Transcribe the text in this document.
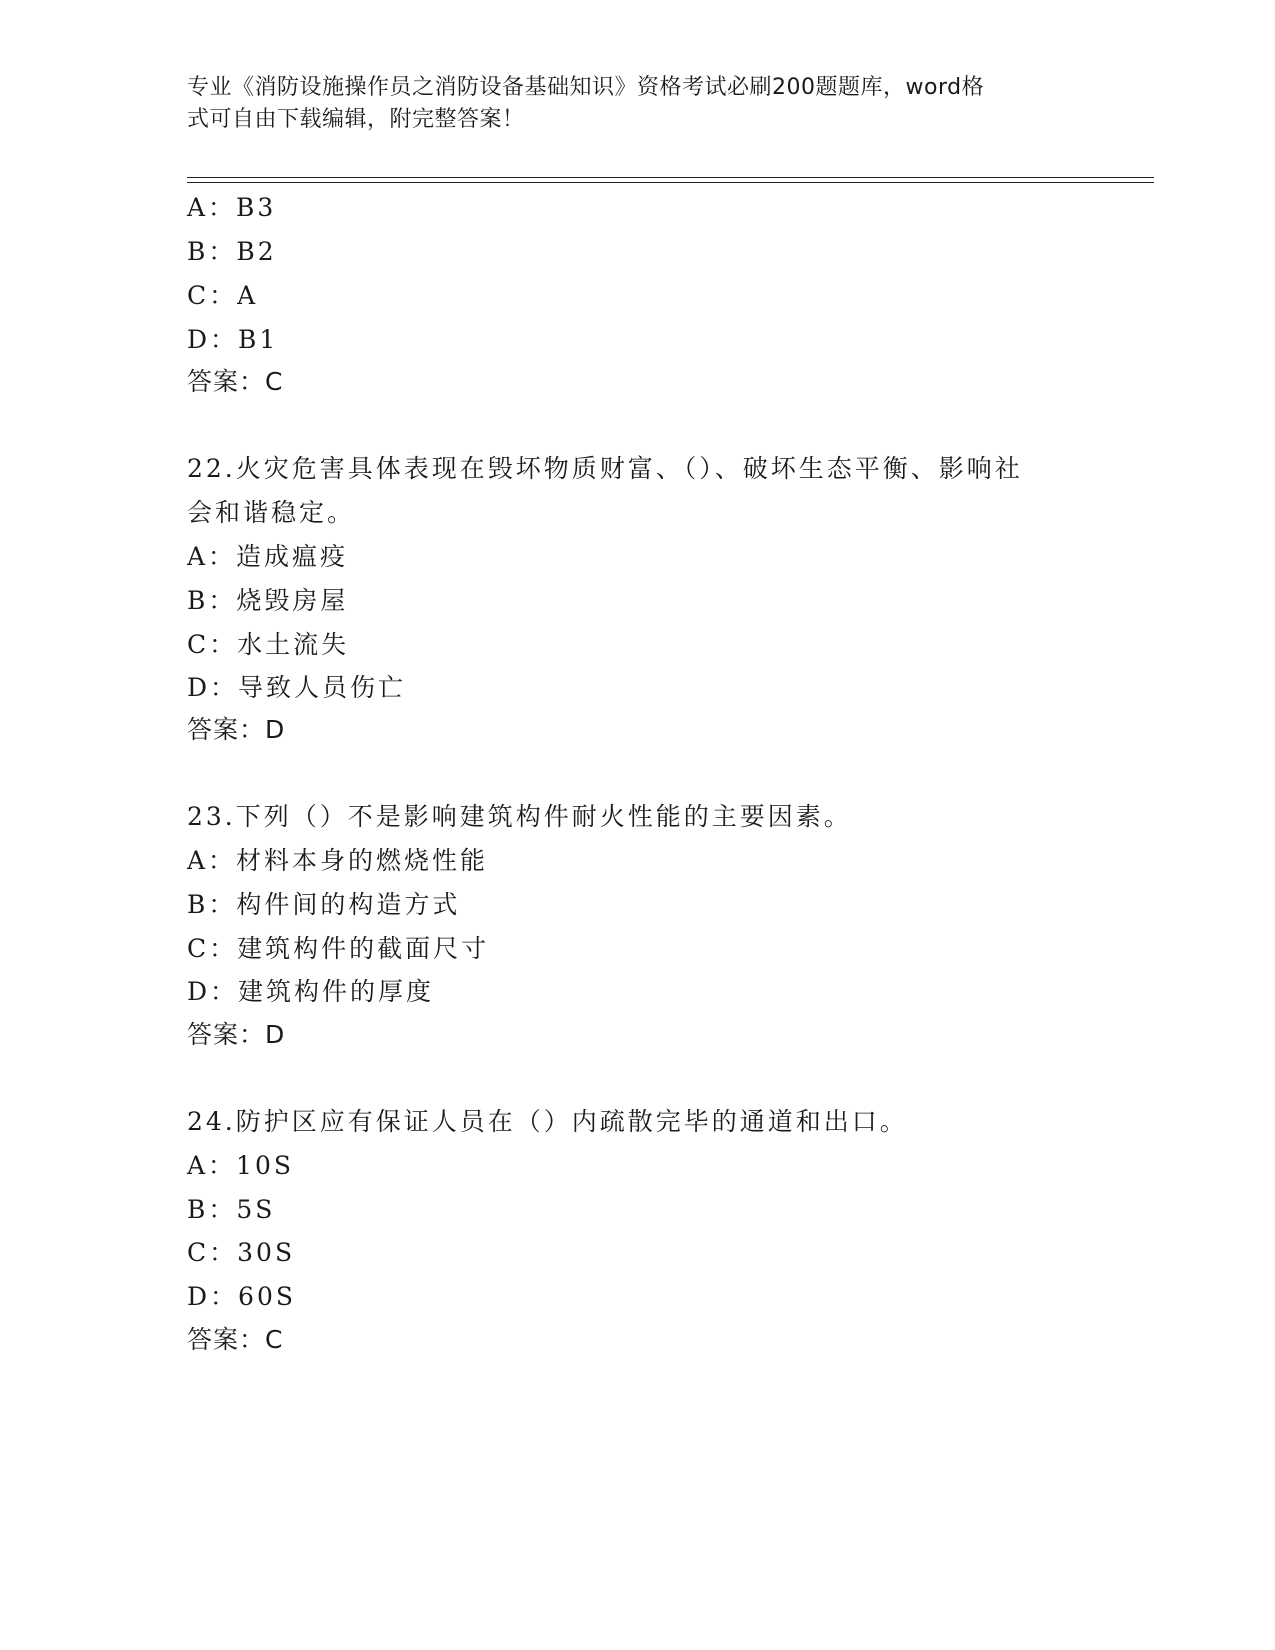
专业《消防设施操作员之消防设备基础知识》资格考试必刷200题题库，word格
式可自由下载编辑，附完整答案！
A：B3
B：B2
C：A
D：B1
答案：C
22.火灾危害具体表现在毁坏物质财富、（）、破坏生态平衡、影响社
会和谐稳定。
A：造成瘟疫
B：烧毁房屋
C：水土流失
D：导致人员伤亡
答案：D
23.下列（）不是影响建筑构件耐火性能的主要因素。
A：材料本身的燃烧性能
B：构件间的构造方式
C：建筑构件的截面尺寸
D：建筑构件的厚度
答案：D
24.防护区应有保证人员在（）内疏散完毕的通道和出口。
A：10S
B：5S
C：30S
D：60S
答案：C
